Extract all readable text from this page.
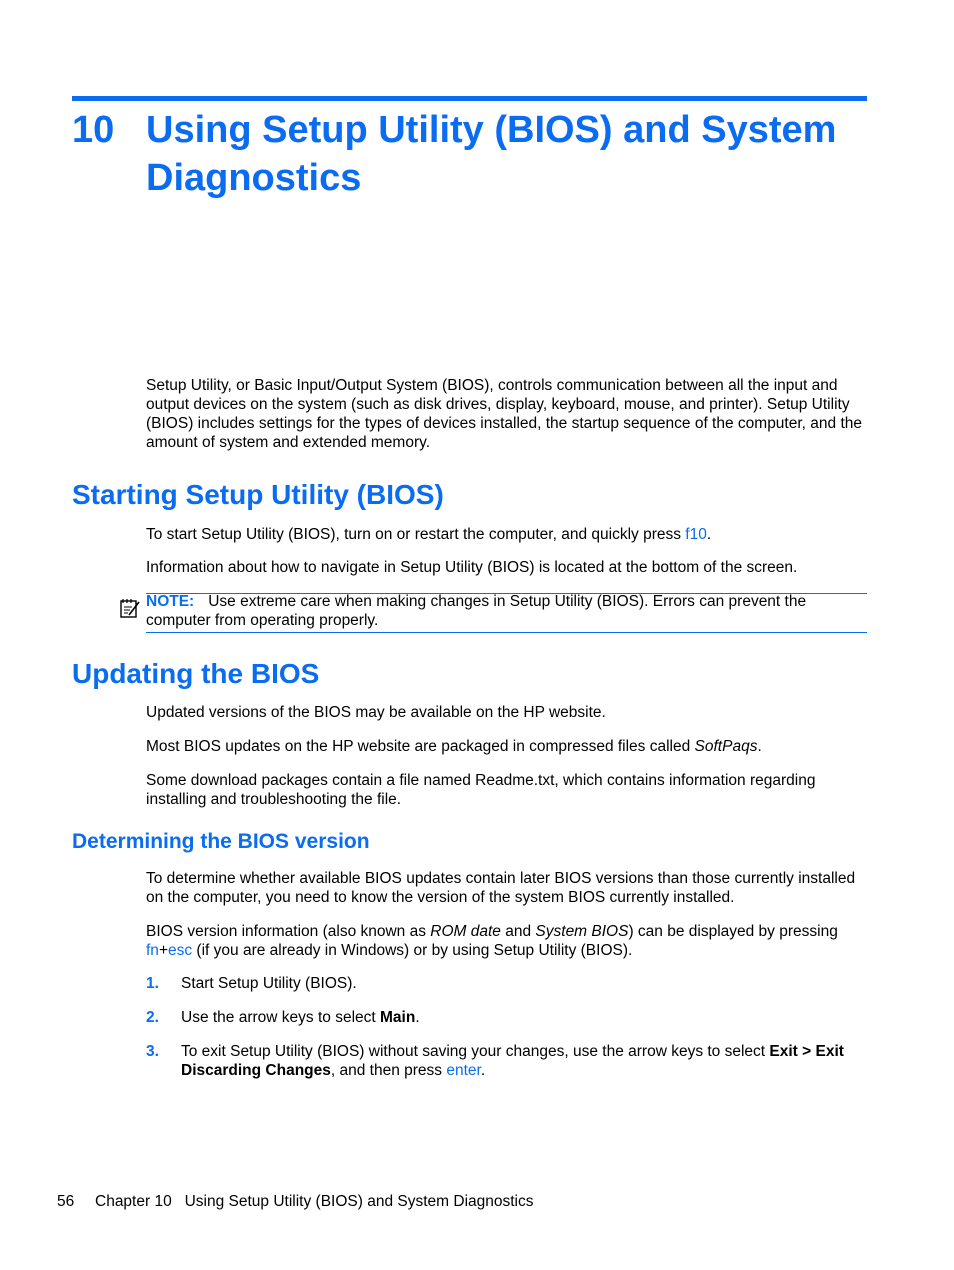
10 Using Setup Utility (BIOS) and System Diagnostics

Setup Utility, or Basic Input/Output System (BIOS), controls communication between all the input and output devices on the system (such as disk drives, display, keyboard, mouse, and printer). Setup Utility (BIOS) includes settings for the types of devices installed, the startup sequence of the computer, and the amount of system and extended memory.

Starting Setup Utility (BIOS)

To start Setup Utility (BIOS), turn on or restart the computer, and quickly press f10.

Information about how to navigate in Setup Utility (BIOS) is located at the bottom of the screen.

NOTE: Use extreme care when making changes in Setup Utility (BIOS). Errors can prevent the computer from operating properly.
Updating the BIOS

Updated versions of the BIOS may be available on the HP website.

Most BIOS updates on the HP website are packaged in compressed files called SoftPaqs.

Some download packages contain a file named Readme.txt, which contains information regarding installing and troubleshooting the file.

Determining the BIOS version

To determine whether available BIOS updates contain later BIOS versions than those currently installed on the computer, you need to know the version of the system BIOS currently installed.

BIOS version information (also known as ROM date and System BIOS) can be displayed by pressing fn+esc (if you are already in Windows) or by using Setup Utility (BIOS).

1. Start Setup Utility (BIOS).
2. Use the arrow keys to select Main.
3. To exit Setup Utility (BIOS) without saving your changes, use the arrow keys to select Exit > Exit Discarding Changes, and then press enter.
56 Chapter 10   Using Setup Utility (BIOS) and System Diagnostics
